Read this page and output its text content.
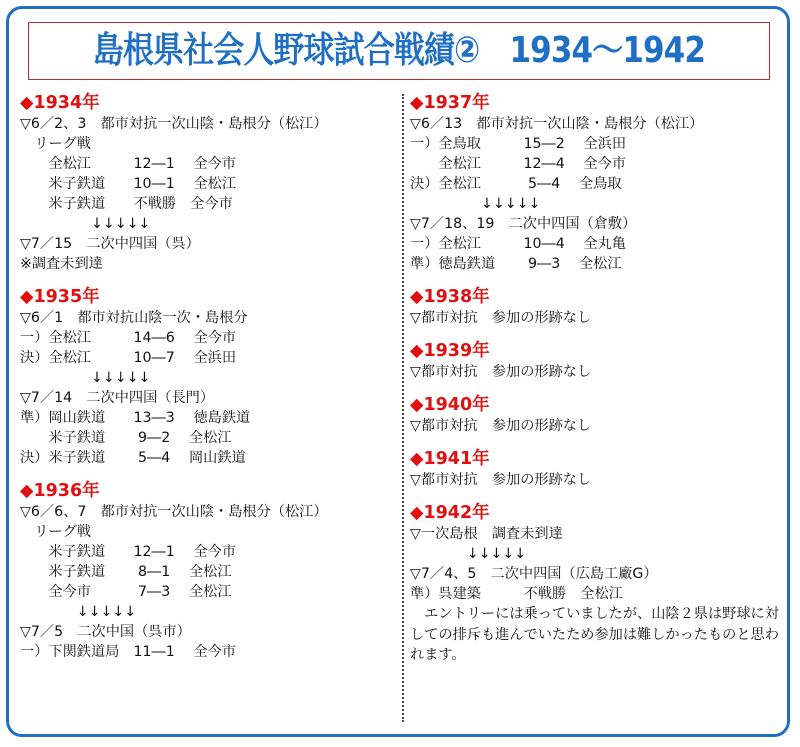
島根県社会人野球試合戦績②　1934～1942
◆1934年
▽6／2、3　都市対抗一次山陰・島根分（松江）
　リーグ戦
　　全松江　　　12―1　 全今市
　　米子鉄道　　10―1　 全松江
　　米子鉄道　　不戦勝　全今市
　　　　　↓↓↓↓↓
▽7／15　二次中四国（呉）
※調査未到達
◆1935年
▽6／1　都市対抗山陰一次・島根分
一）全松江　　　14―6　 全今市
決）全松江　　　10―7　 全浜田
　　　　　↓↓↓↓↓
▽7／14　二次中四国（長門）
準）岡山鉄道　　13―3　 徳島鉄道
　　米子鉄道　　 9―2　 全松江
決）米子鉄道　　 5―4　 岡山鉄道
◆1936年
▽6／6、7　都市対抗一次山陰・島根分（松江）
　リーグ戦
　　米子鉄道　　12―1　 全今市
　　米子鉄道　　 8―1　 全松江
　　全今市　　　 7―3　 全松江
　　　　↓↓↓↓↓
▽7／5　二次中国（呉市）
一）下関鉄道局　11―1　 全今市
◆1937年
▽6／13　都市対抗一次山陰・島根分（松江）
一）全鳥取　　　15―2　 全浜田
　　全松江　　　12―4　 全今市
決）全松江　　　 5―4　 全鳥取
　　　　　↓↓↓↓↓
▽7／18、19　二次中四国（倉敷）
一）全松江　　　10―4　 全丸亀
準）徳島鉄道　　 9―3　 全松江
◆1938年
▽都市対抗　参加の形跡なし
◆1939年
▽都市対抗　参加の形跡なし
◆1940年
▽都市対抗　参加の形跡なし
◆1941年
▽都市対抗　参加の形跡なし
◆1942年
▽一次島根　調査未到達
　　　　↓↓↓↓↓
▽7／4、5　二次中四国（広島工廠G）
準）呉建築　　　不戦勝　全松江
　エントリーには乗っていましたが、山陰２県は野球に対しての排斥も進んでいたため参加は難しかったものと思われます。
